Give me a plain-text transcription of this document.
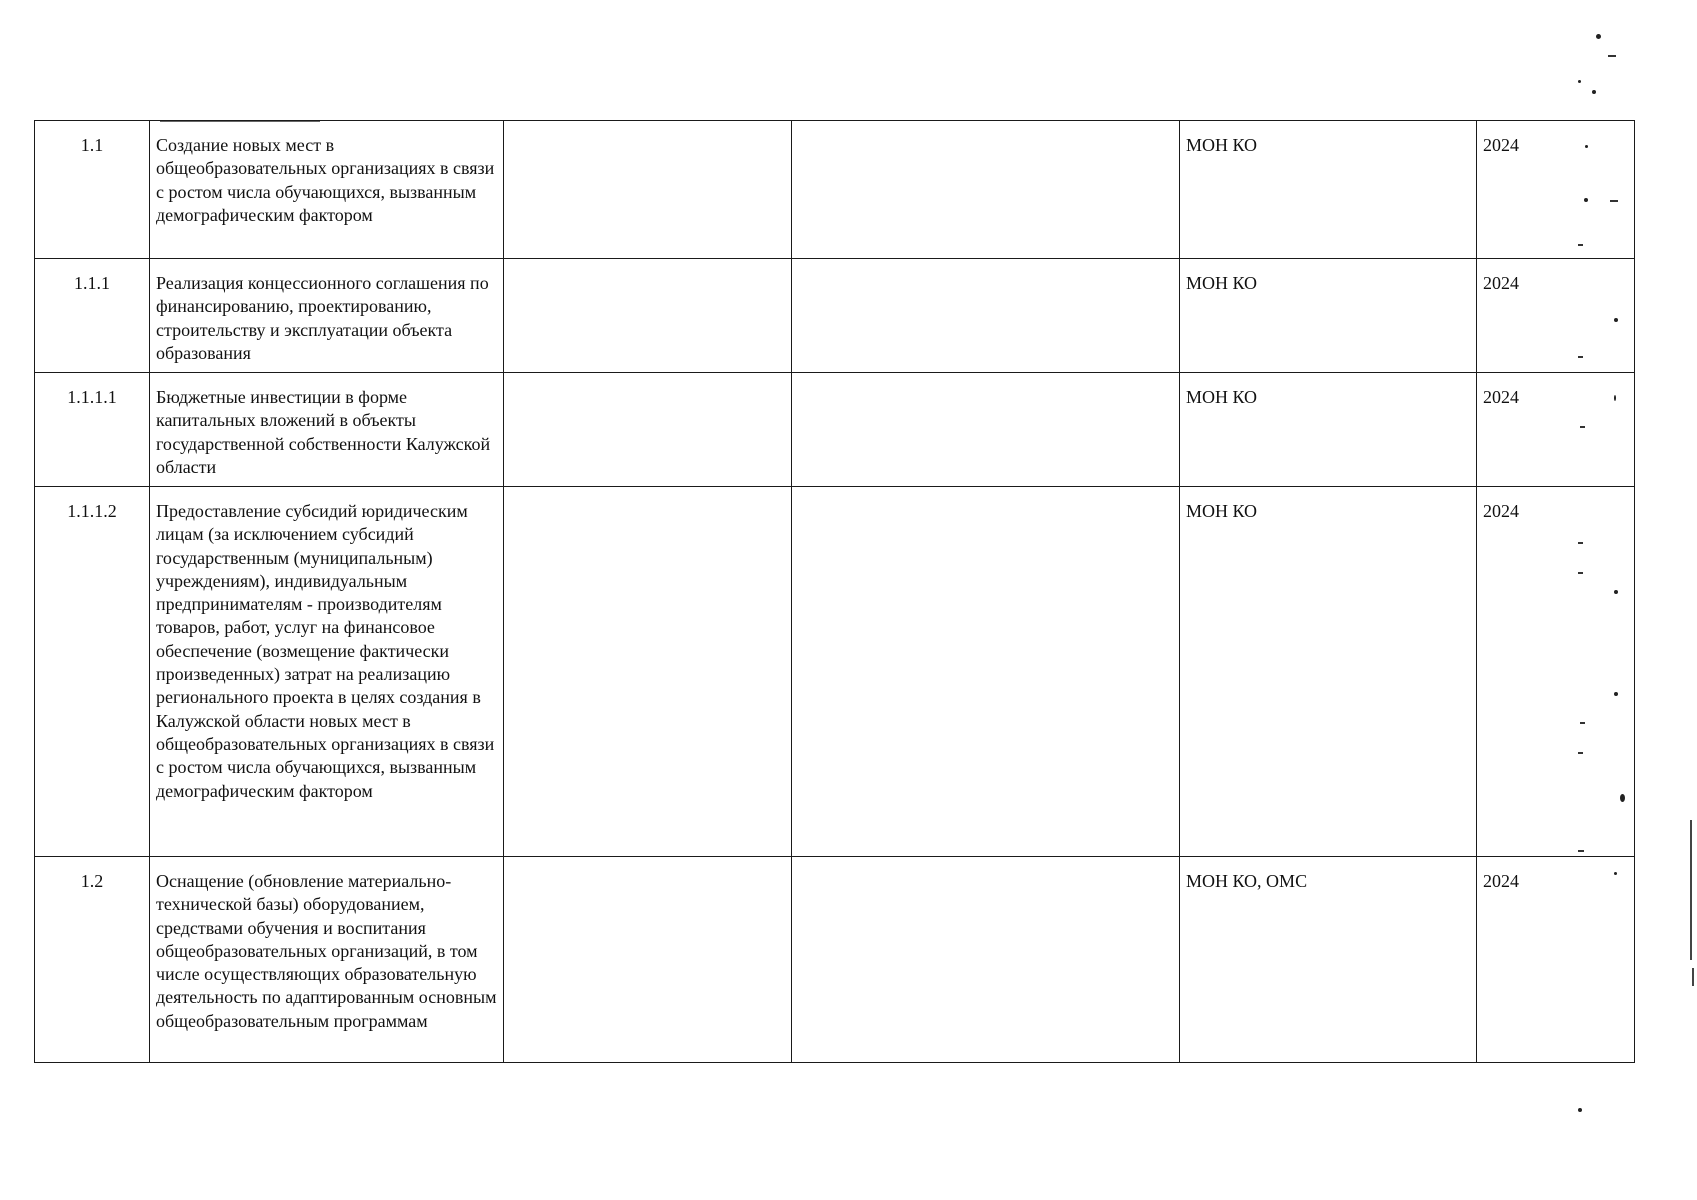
1.1	Создание новых мест в общеобразовательных организациях в связи с ростом числа обучающихся, вызванным демографическим фактором			МОН КО	2024
1.1.1	Реализация концессионного соглашения по финансированию, проектированию, строительству и эксплуатации объекта образования			МОН КО	2024
1.1.1.1	Бюджетные инвестиции в форме капитальных вложений в объекты государственной собственности Калужской области			МОН КО	2024
1.1.1.2	Предоставление субсидий юридическим лицам (за исключением субсидий государственным (муниципальным) учреждениям), индивидуальным предпринимателям - производителям товаров, работ, услуг на финансовое обеспечение (возмещение фактически произведенных) затрат на реализацию регионального проекта в целях создания в Калужской области новых мест в общеобразовательных организациях в связи с ростом числа обучающихся, вызванным демографическим фактором			МОН КО	2024
1.2	Оснащение (обновление материально-технической базы) оборудованием, средствами обучения и воспитания общеобразовательных организаций, в том числе осуществляющих образовательную деятельность по адаптированным основным общеобразовательным программам			МОН КО, ОМС	2024
